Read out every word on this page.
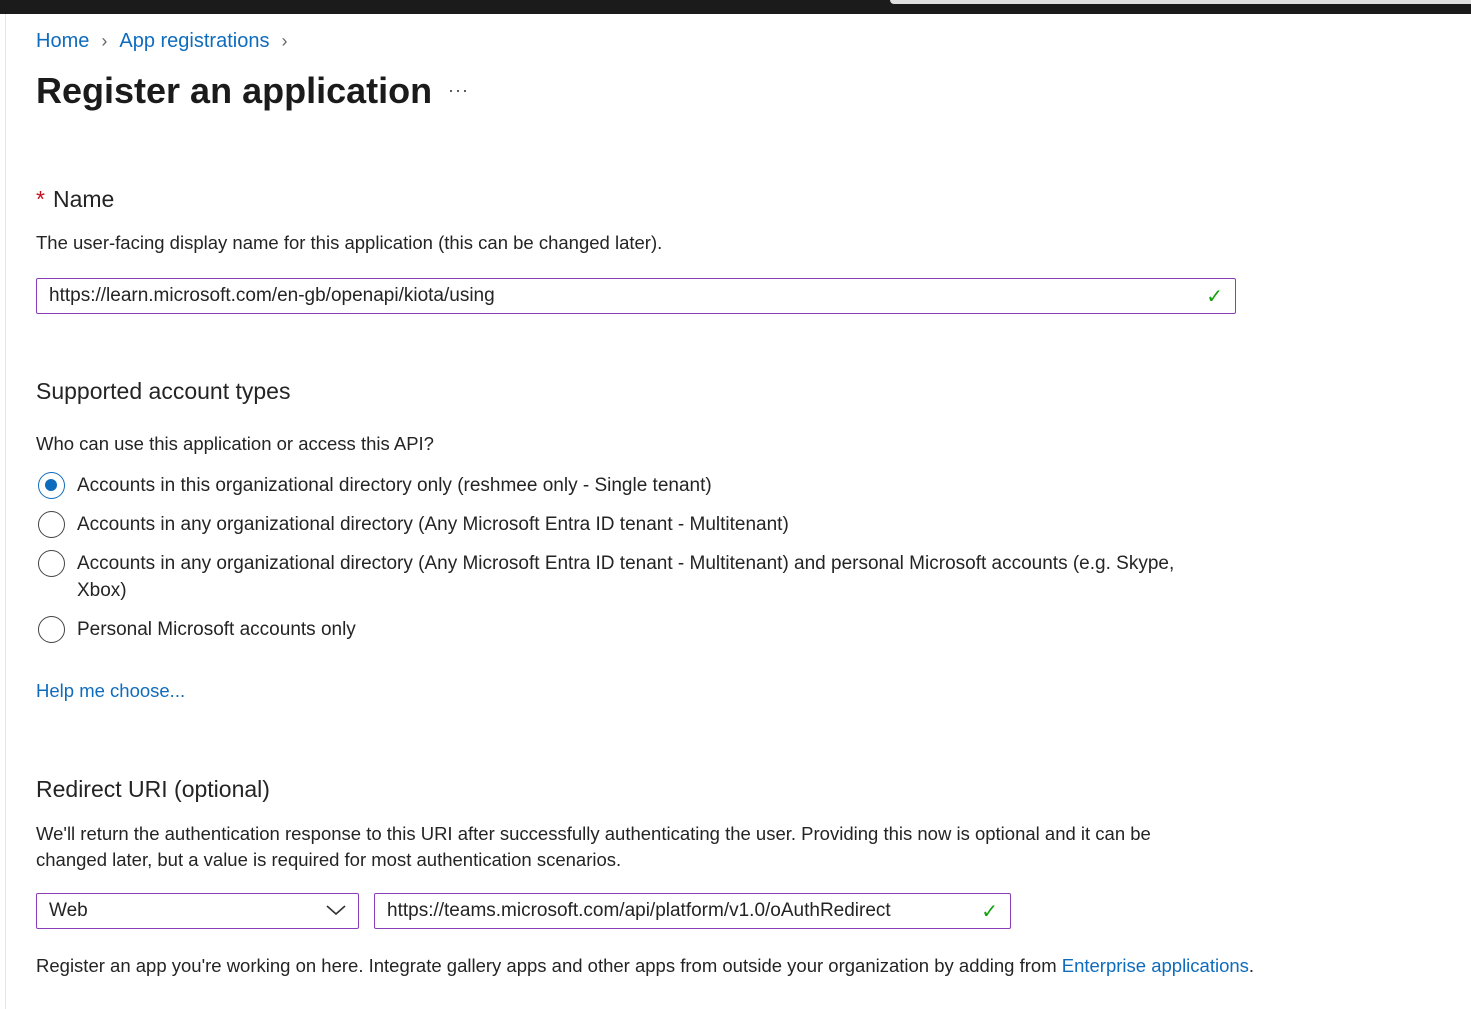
Home › App registrations ›
Register an application ···
* Name
The user-facing display name for this application (this can be changed later).
https://learn.microsoft.com/en-gb/openapi/kiota/using	✓
Supported account types
Who can use this application or access this API?
Accounts in this organizational directory only (reshmee only - Single tenant)
Accounts in any organizational directory (Any Microsoft Entra ID tenant - Multitenant)
Accounts in any organizational directory (Any Microsoft Entra ID tenant - Multitenant) and personal Microsoft accounts (e.g. Skype, Xbox)
Personal Microsoft accounts only
Help me choose...
Redirect URI (optional)
We'll return the authentication response to this URI after successfully authenticating the user. Providing this now is optional and it can be changed later, but a value is required for most authentication scenarios.
Web	https://teams.microsoft.com/api/platform/v1.0/oAuthRedirect	✓
Register an app you're working on here. Integrate gallery apps and other apps from outside your organization by adding from Enterprise applications.
